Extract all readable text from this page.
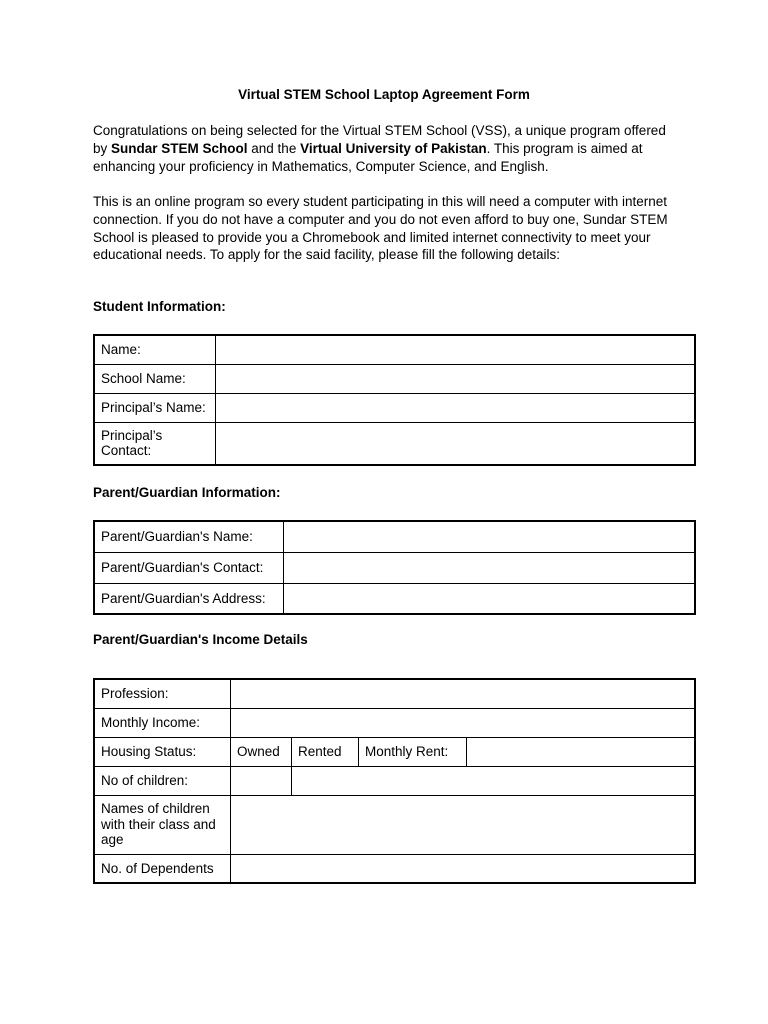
Virtual STEM School Laptop Agreement Form

Congratulations on being selected for the Virtual STEM School (VSS), a unique program offered by Sundar STEM School and the Virtual University of Pakistan. This program is aimed at enhancing your proficiency in Mathematics, Computer Science, and English.

This is an online program so every student participating in this will need a computer with internet connection. If you do not have a computer and you do not even afford to buy one, Sundar STEM School is pleased to provide you a Chromebook and limited internet connectivity to meet your educational needs. To apply for the said facility, please fill the following details:

Student Information:
Name:	
School Name:	
Principal’s Name:	
Principal’s Contact:	
Parent/Guardian Information:
Parent/Guardian's Name:	
Parent/Guardian's Contact:	
Parent/Guardian's Address:	
Parent/Guardian's Income Details
Profession:				
Monthly Income:				
Housing Status:	Owned	Rented	Monthly Rent:	
No of children:				
Names of children with their class and age				
No. of Dependents				
